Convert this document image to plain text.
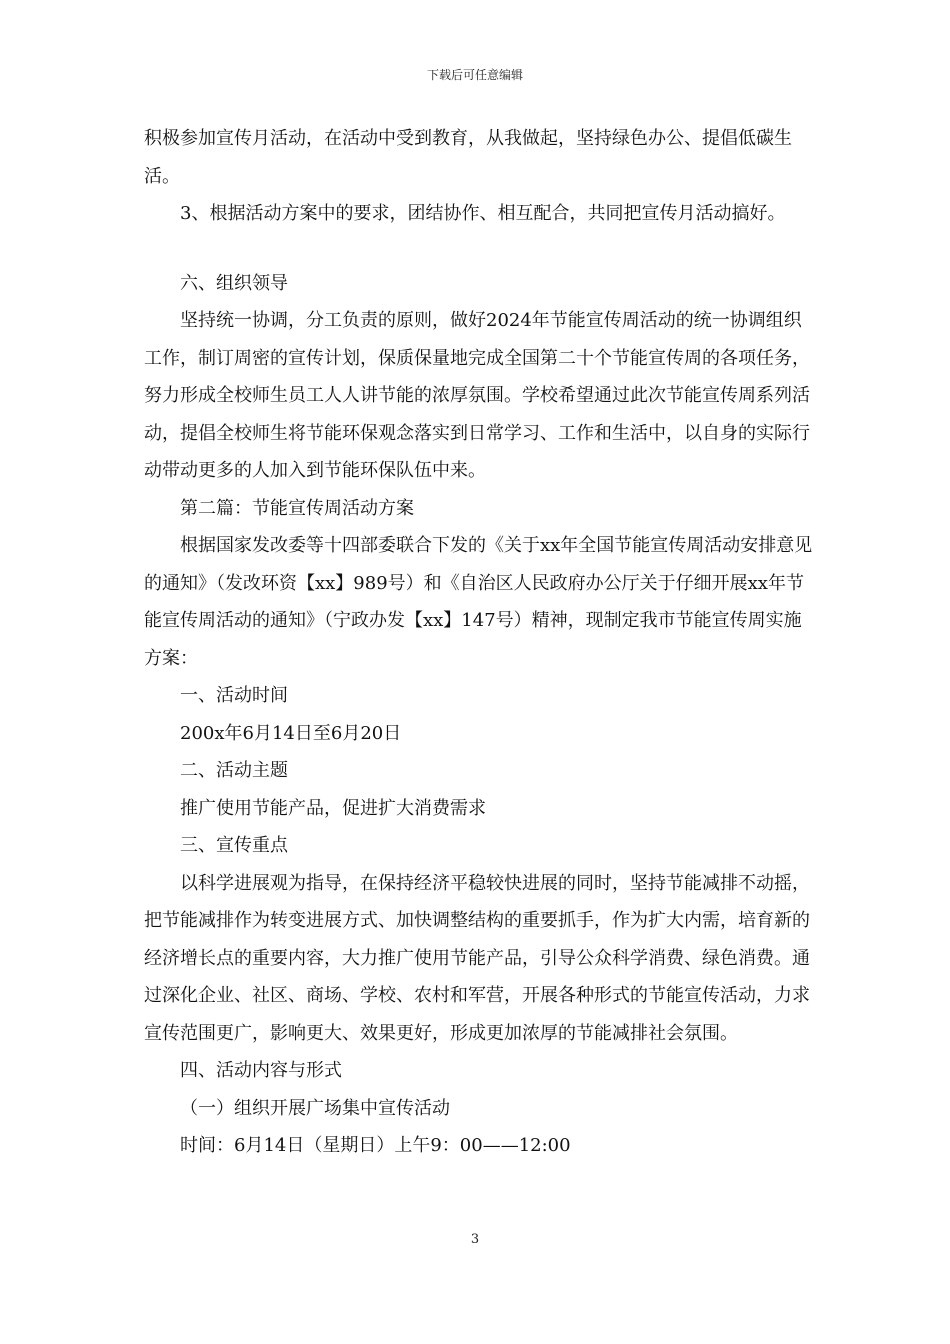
下载后可任意编辑

积极参加宣传月活动，在活动中受到教育，从我做起，坚持绿色办公、提倡低碳生活。

3、根据活动方案中的要求，团结协作、相互配合，共同把宣传月活动搞好。

六、组织领导

坚持统一协调，分工负责的原则，做好2024年节能宣传周活动的统一协调组织工作，制订周密的宣传计划，保质保量地完成全国第二十个节能宣传周的各项任务，努力形成全校师生员工人人讲节能的浓厚氛围。学校希望通过此次节能宣传周系列活动，提倡全校师生将节能环保观念落实到日常学习、工作和生活中，以自身的实际行动带动更多的人加入到节能环保队伍中来。

第二篇：节能宣传周活动方案

根据国家发改委等十四部委联合下发的《关于xx年全国节能宣传周活动安排意见的通知》（发改环资【xx】989号）和《自治区人民政府办公厅关于仔细开展xx年节能宣传周活动的通知》（宁政办发【xx】147号）精神，现制定我市节能宣传周实施方案：

一、活动时间

200x年6月14日至6月20日

二、活动主题

推广使用节能产品，促进扩大消费需求

三、宣传重点

以科学进展观为指导，在保持经济平稳较快进展的同时，坚持节能减排不动摇，把节能减排作为转变进展方式、加快调整结构的重要抓手，作为扩大内需，培育新的经济增长点的重要内容，大力推广使用节能产品，引导公众科学消费、绿色消费。通过深化企业、社区、商场、学校、农村和军营，开展各种形式的节能宣传活动，力求宣传范围更广，影响更大、效果更好，形成更加浓厚的节能减排社会氛围。

四、活动内容与形式

（一）组织开展广场集中宣传活动

时间：6月14日（星期日）上午9：00——12:00

3
